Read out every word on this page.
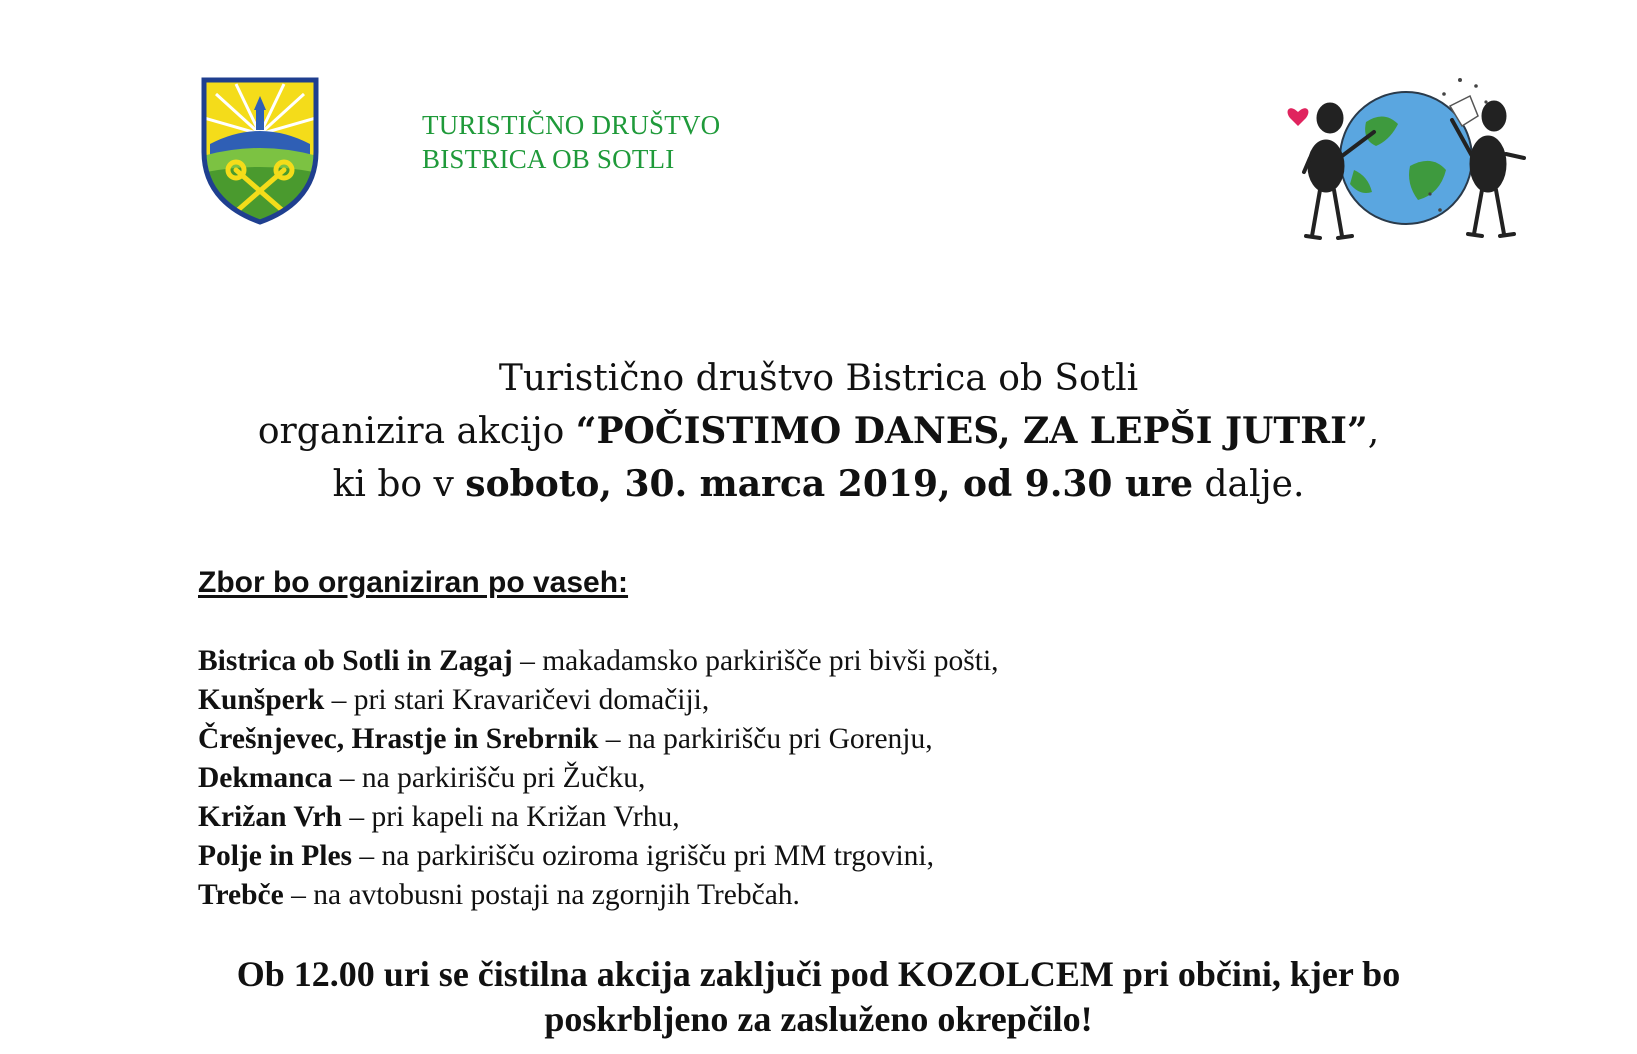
TURISTIČNO DRUŠTVO
BISTRICA OB SOTLI
Turistično društvo Bistrica ob Sotli
organizira akcijo “POČISTIMO DANES, ZA LEPŠI JUTRI”,
ki bo v soboto, 30. marca 2019, od 9.30 ure dalje.
Zbor bo organiziran po vaseh:
Bistrica ob Sotli in Zagaj – makadamsko parkirišče pri bivši pošti,
Kunšperk – pri stari Kravaričevi domačiji,
Črešnjevec, Hrastje in Srebrnik – na parkirišču pri Gorenju,
Dekmanca – na parkirišču pri Žučku,
Križan Vrh – pri kapeli na Križan Vrhu,
Polje in Ples – na parkirišču oziroma igrišču pri MM trgovini,
Trebče – na avtobusni postaji na zgornjih Trebčah.
Ob 12.00 uri se čistilna akcija zaključi pod KOZOLCEM pri občini, kjer bo
poskrbljeno za zasluženo okrepčilo!
